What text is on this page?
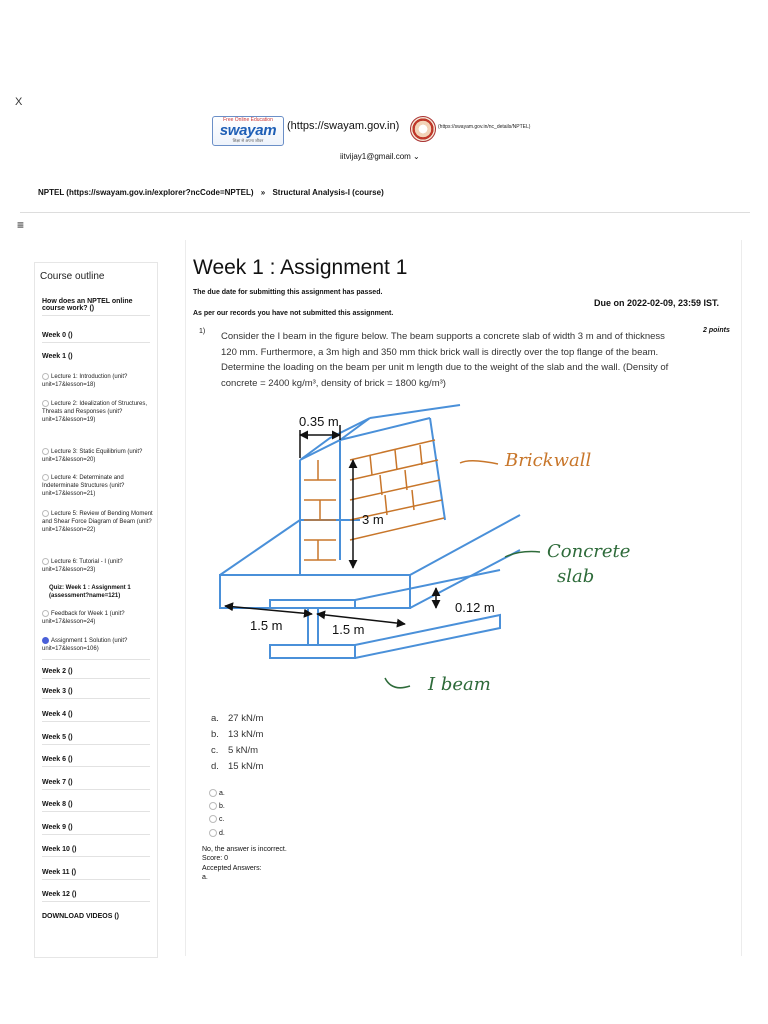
X
Free Online Education
swayam
शिक्षा से अपना जीवन
(https://swayam.gov.in)	(https://swayam.gov.in/nc_details/NPTEL)
iitvijay1@gmail.com ⌄
NPTEL (https://swayam.gov.in/explorer?ncCode=NPTEL) » Structural Analysis-I (course)
≡
Course outline
How does an NPTEL online course work? ()
Week 0 ()
Week 1 ()
Lecture 1: Introduction (unit?unit=17&lesson=18)
Lecture 2: Idealization of Structures, Threats and Responses (unit?unit=17&lesson=19)
Lecture 3: Static Equilibrium (unit?unit=17&lesson=20)
Lecture 4: Determinate and Indeterminate Structures (unit?unit=17&lesson=21)
Lecture 5: Review of Bending Moment and Shear Force Diagram of Beam (unit?unit=17&lesson=22)
Lecture 6: Tutorial - I (unit?unit=17&lesson=23)
Quiz: Week 1 : Assignment 1 (assessment?name=121)
Feedback for Week 1 (unit?unit=17&lesson=24)
Assignment 1 Solution (unit?unit=17&lesson=106)
Week 2 ()
Week 3 ()
Week 4 ()
Week 5 ()
Week 6 ()
Week 7 ()
Week 8 ()
Week 9 ()
Week 10 ()
Week 11 ()
Week 12 ()
DOWNLOAD VIDEOS ()
Week 1 : Assignment 1
The due date for submitting this assignment has passed.
Due on 2022-02-09, 23:59 IST.
As per our records you have not submitted this assignment.
1)	2 points
Consider the I beam in the figure below. The beam supports a concrete slab of width 3 m and of thickness 120 mm. Furthermore, a 3m high and 350 mm thick brick wall is directly over the top flange of the beam. Determine the loading on the beam per unit m length due to the weight of the slab and the wall. (Density of concrete = 2400 kg/m³, density of brick = 1800 kg/m³)
0.35 m
3 m
0.12 m
1.5 m	1.5 m
Brickwall
Concrete
slab
I beam
a. 27 kN/m
b. 13 kN/m
c. 5 kN/m
d. 15 kN/m
a.
b.
c.
d.
No, the answer is incorrect.
Score: 0
Accepted Answers:
a.
